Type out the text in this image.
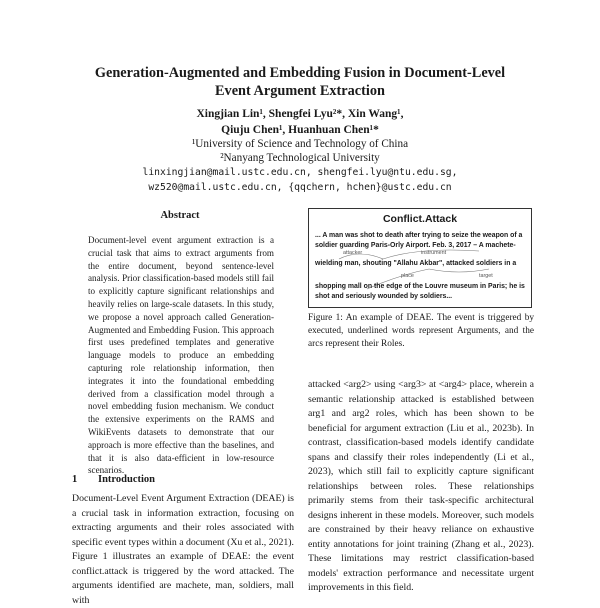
Generation-Augmented and Embedding Fusion in Document-Level
Event Argument Extraction
Xingjian Lin¹, Shengfei Lyu²*, Xin Wang¹,
Qiuju Chen¹, Huanhuan Chen¹*
¹University of Science and Technology of China
²Nanyang Technological University
linxingjian@mail.ustc.edu.cn, shengfei.lyu@ntu.edu.sg,
wz520@mail.ustc.edu.cn, {qqchern, hchen}@ustc.edu.cn
Abstract
Document-level event argument extraction is a crucial task that aims to extract arguments from the entire document, beyond sentence-level analysis. Prior classification-based models still fail to explicitly capture significant relationships and heavily relies on large-scale datasets. In this study, we propose a novel approach called Generation-Augmented and Embedding Fusion. This approach first uses predefined templates and generative language models to produce an embedding capturing role relationship information, then integrates it into the foundational embedding derived from a classification model through a novel embedding fusion mechanism. We conduct the extensive experiments on the RAMS and WikiEvents datasets to demonstrate that our approach is more effective than the baselines, and that it is also data-efficient in low-resource scenarios.
1 Introduction
Document-Level Event Argument Extraction (DEAE) is a crucial task in information extraction, focusing on extracting arguments and their roles associated with specific event types within a document (Xu et al., 2021). Figure 1 illustrates an example of DEAE: the event conflict.attack is triggered by the word attacked. The arguments identified are machete, man, soldiers, mall with
Conflict.Attack
... A man was shot to death after trying to seize the weapon of a
soldier guarding Paris-Orly Airport. Feb. 3, 2017 – A machete-
attacker	instrument
wielding man, shouting "Allahu Akbar", attacked soldiers in a
place	target
shopping mall on the edge of the Louvre museum in Paris; he is
shot and seriously wounded by soldiers...
Figure 1: An example of DEAE. The event is triggered by executed, underlined words represent Arguments, and the arcs represent their Roles.
attacked <arg2> using <arg3> at <arg4> place, wherein a semantic relationship attacked is established between arg1 and arg2 roles, which has been shown to be beneficial for argument extraction (Liu et al., 2023b). In contrast, classification-based models identify candidate spans and classify their roles independently (Li et al., 2023), which still fail to explicitly capture significant relationships between roles. These relationships primarily stems from their task-specific architectural designs inherent in these models. Moreover, such models are constrained by their heavy reliance on exhaustive entity annotations for joint training (Zhang et al., 2023). These limitations may restrict classification-based models' extraction performance and necessitate urgent improvements in this field.
